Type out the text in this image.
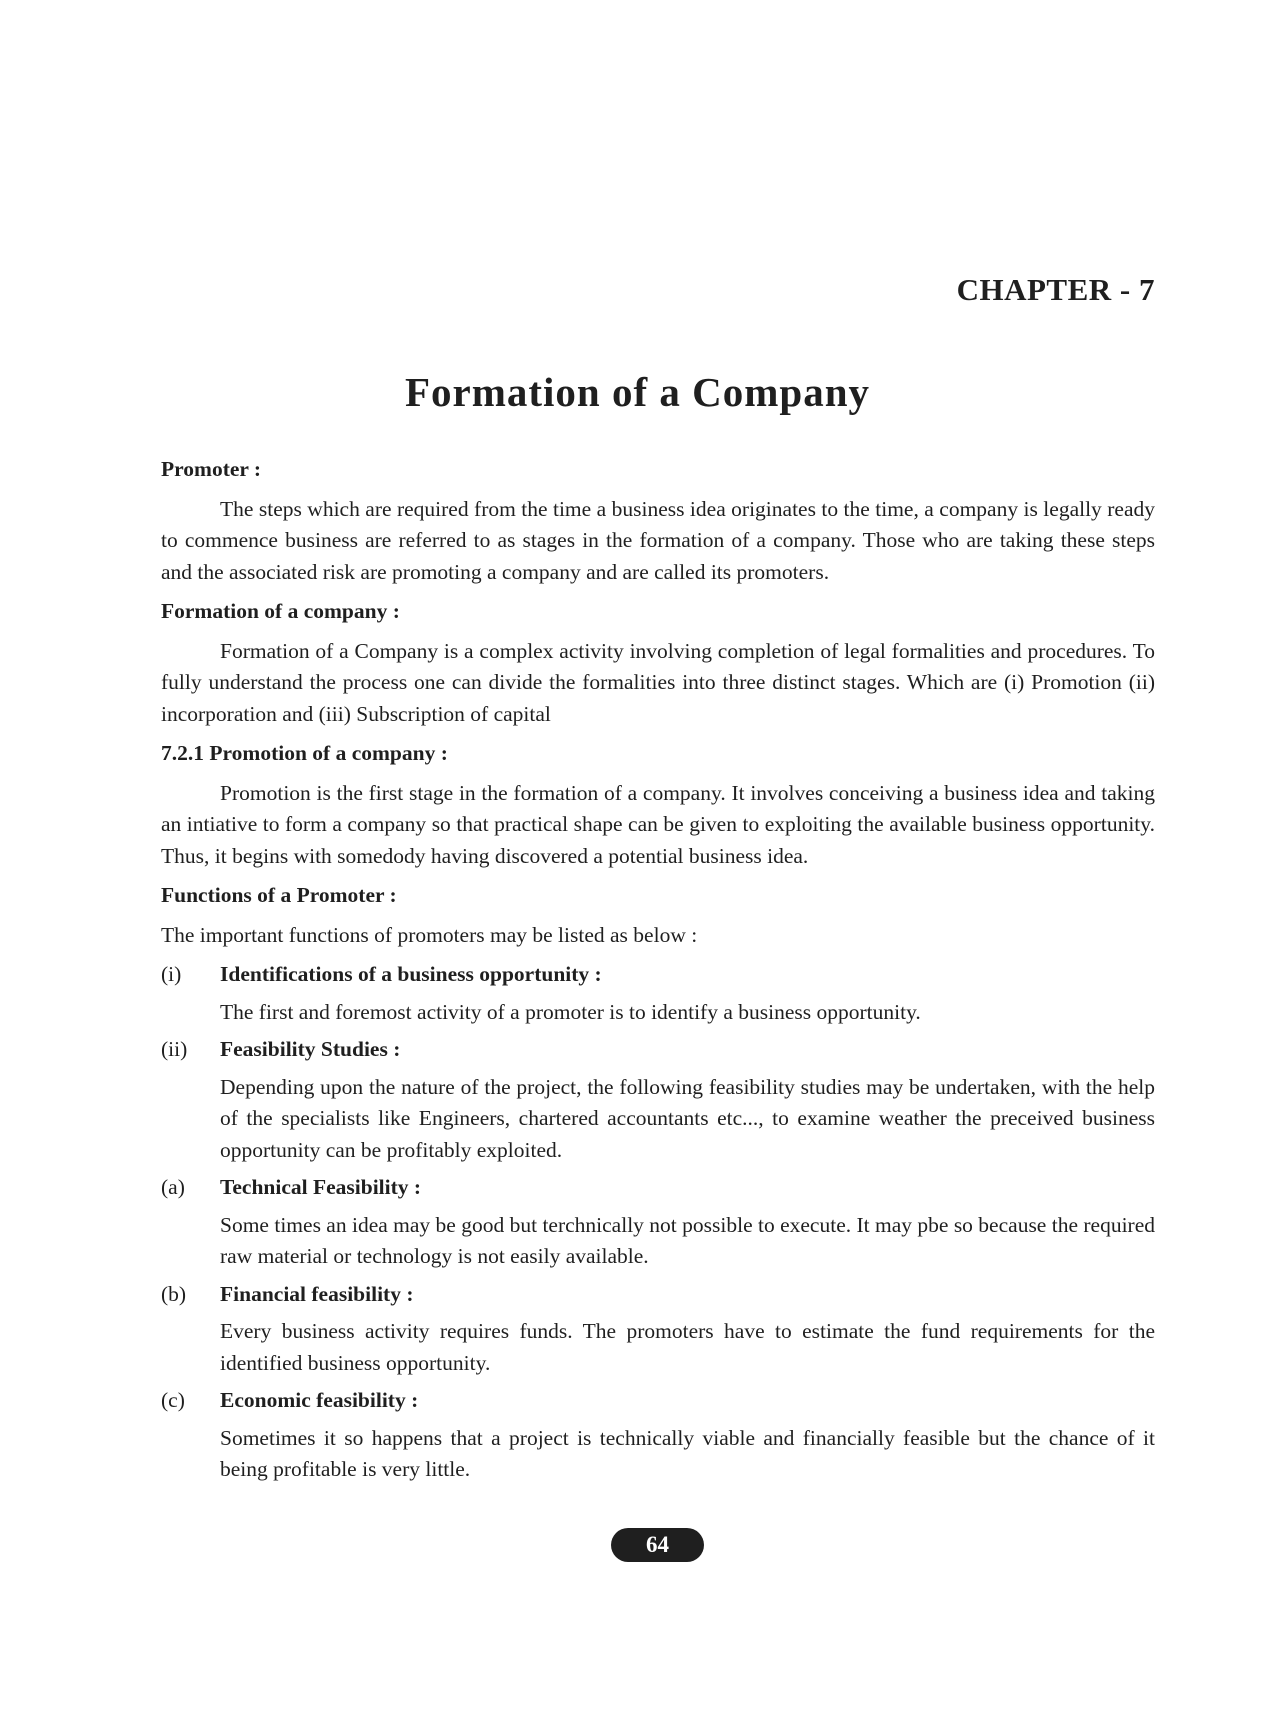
CHAPTER - 7
Formation of a Company
Promoter :
The steps which are required from the time a business idea originates to the time, a company is legally ready to commence business are referred to as stages in the formation of a company. Those who are taking these steps and the associated risk are promoting a company and are called its promoters.
Formation of a company :
Formation of a Company is a complex activity involving completion of legal formalities and procedures. To fully understand the process one can divide the formalities into three distinct stages. Which are (i) Promotion (ii) incorporation and (iii) Subscription of capital
7.2.1 Promotion of a company :
Promotion is the first stage in the formation of a company. It involves conceiving a business idea and taking an intiative to form a company so that practical shape can be given to exploiting the available business opportunity. Thus, it begins with somedody having discovered a potential business idea.
Functions of a Promoter :
The important functions of promoters may be listed as below :
(i)	Identifications of a business opportunity :
The first and foremost activity of a promoter is to identify a business opportunity.
(ii)	Feasibility Studies :
Depending upon the nature of the project, the following feasibility studies may be undertaken, with the help of the specialists like Engineers, chartered accountants etc..., to examine weather the preceived business opportunity can be profitably exploited.
(a)	Technical Feasibility :
Some times an idea may be good but terchnically not possible to execute. It may pbe so because the required raw material or technology is not easily available.
(b)	Financial feasibility :
Every business activity requires funds. The promoters have to estimate the fund requirements for the identified business opportunity.
(c)	Economic feasibility :
Sometimes it so happens that a project is technically viable and financially feasible but the chance of it being profitable is very little.
64
